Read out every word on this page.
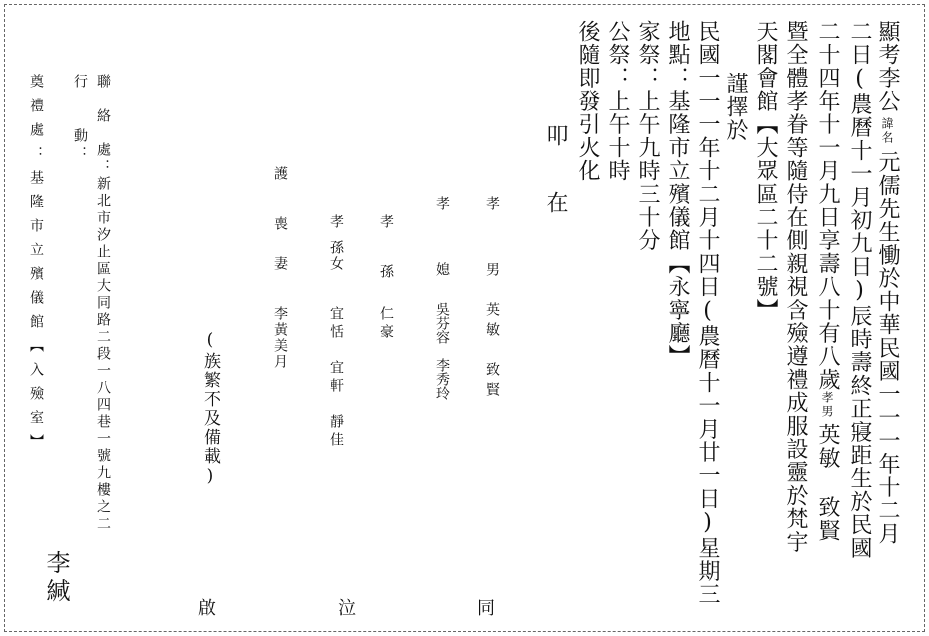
顯考李公諱名元儒先生慟於中華民國一一一年十二月
二日(農曆十一月初九日)辰時壽終正寢距生於民國
二十四年十一月九日享壽八十有八歲孝男英敏 致賢
暨全體孝眷等隨侍在側親視含殮遵禮成服設靈於梵宇
天閣會館【大眾區二十二號】
謹擇於
民國一一一年十二月十四日(農曆十一月廿一日)星期三
地點：基隆市立殯儀館【永寧廳】
家祭：上午九時三十分
公祭：上午十時
後隨即發引火化
叩 在
孝
男
英敏　致賢
孝
媳
吳芬容　李秀玲
孝
孫
仁豪
孝
孫女
宜恬　宜軒　靜佳
護
喪　妻
李黃美月
(族繁不及備載)
聯　絡　處：新北市汐止區大同路二段一八四巷一號九樓之二
行　　動：
奠禮處：基隆市立殯儀館【入殮室】
李緘
同
泣
啟
